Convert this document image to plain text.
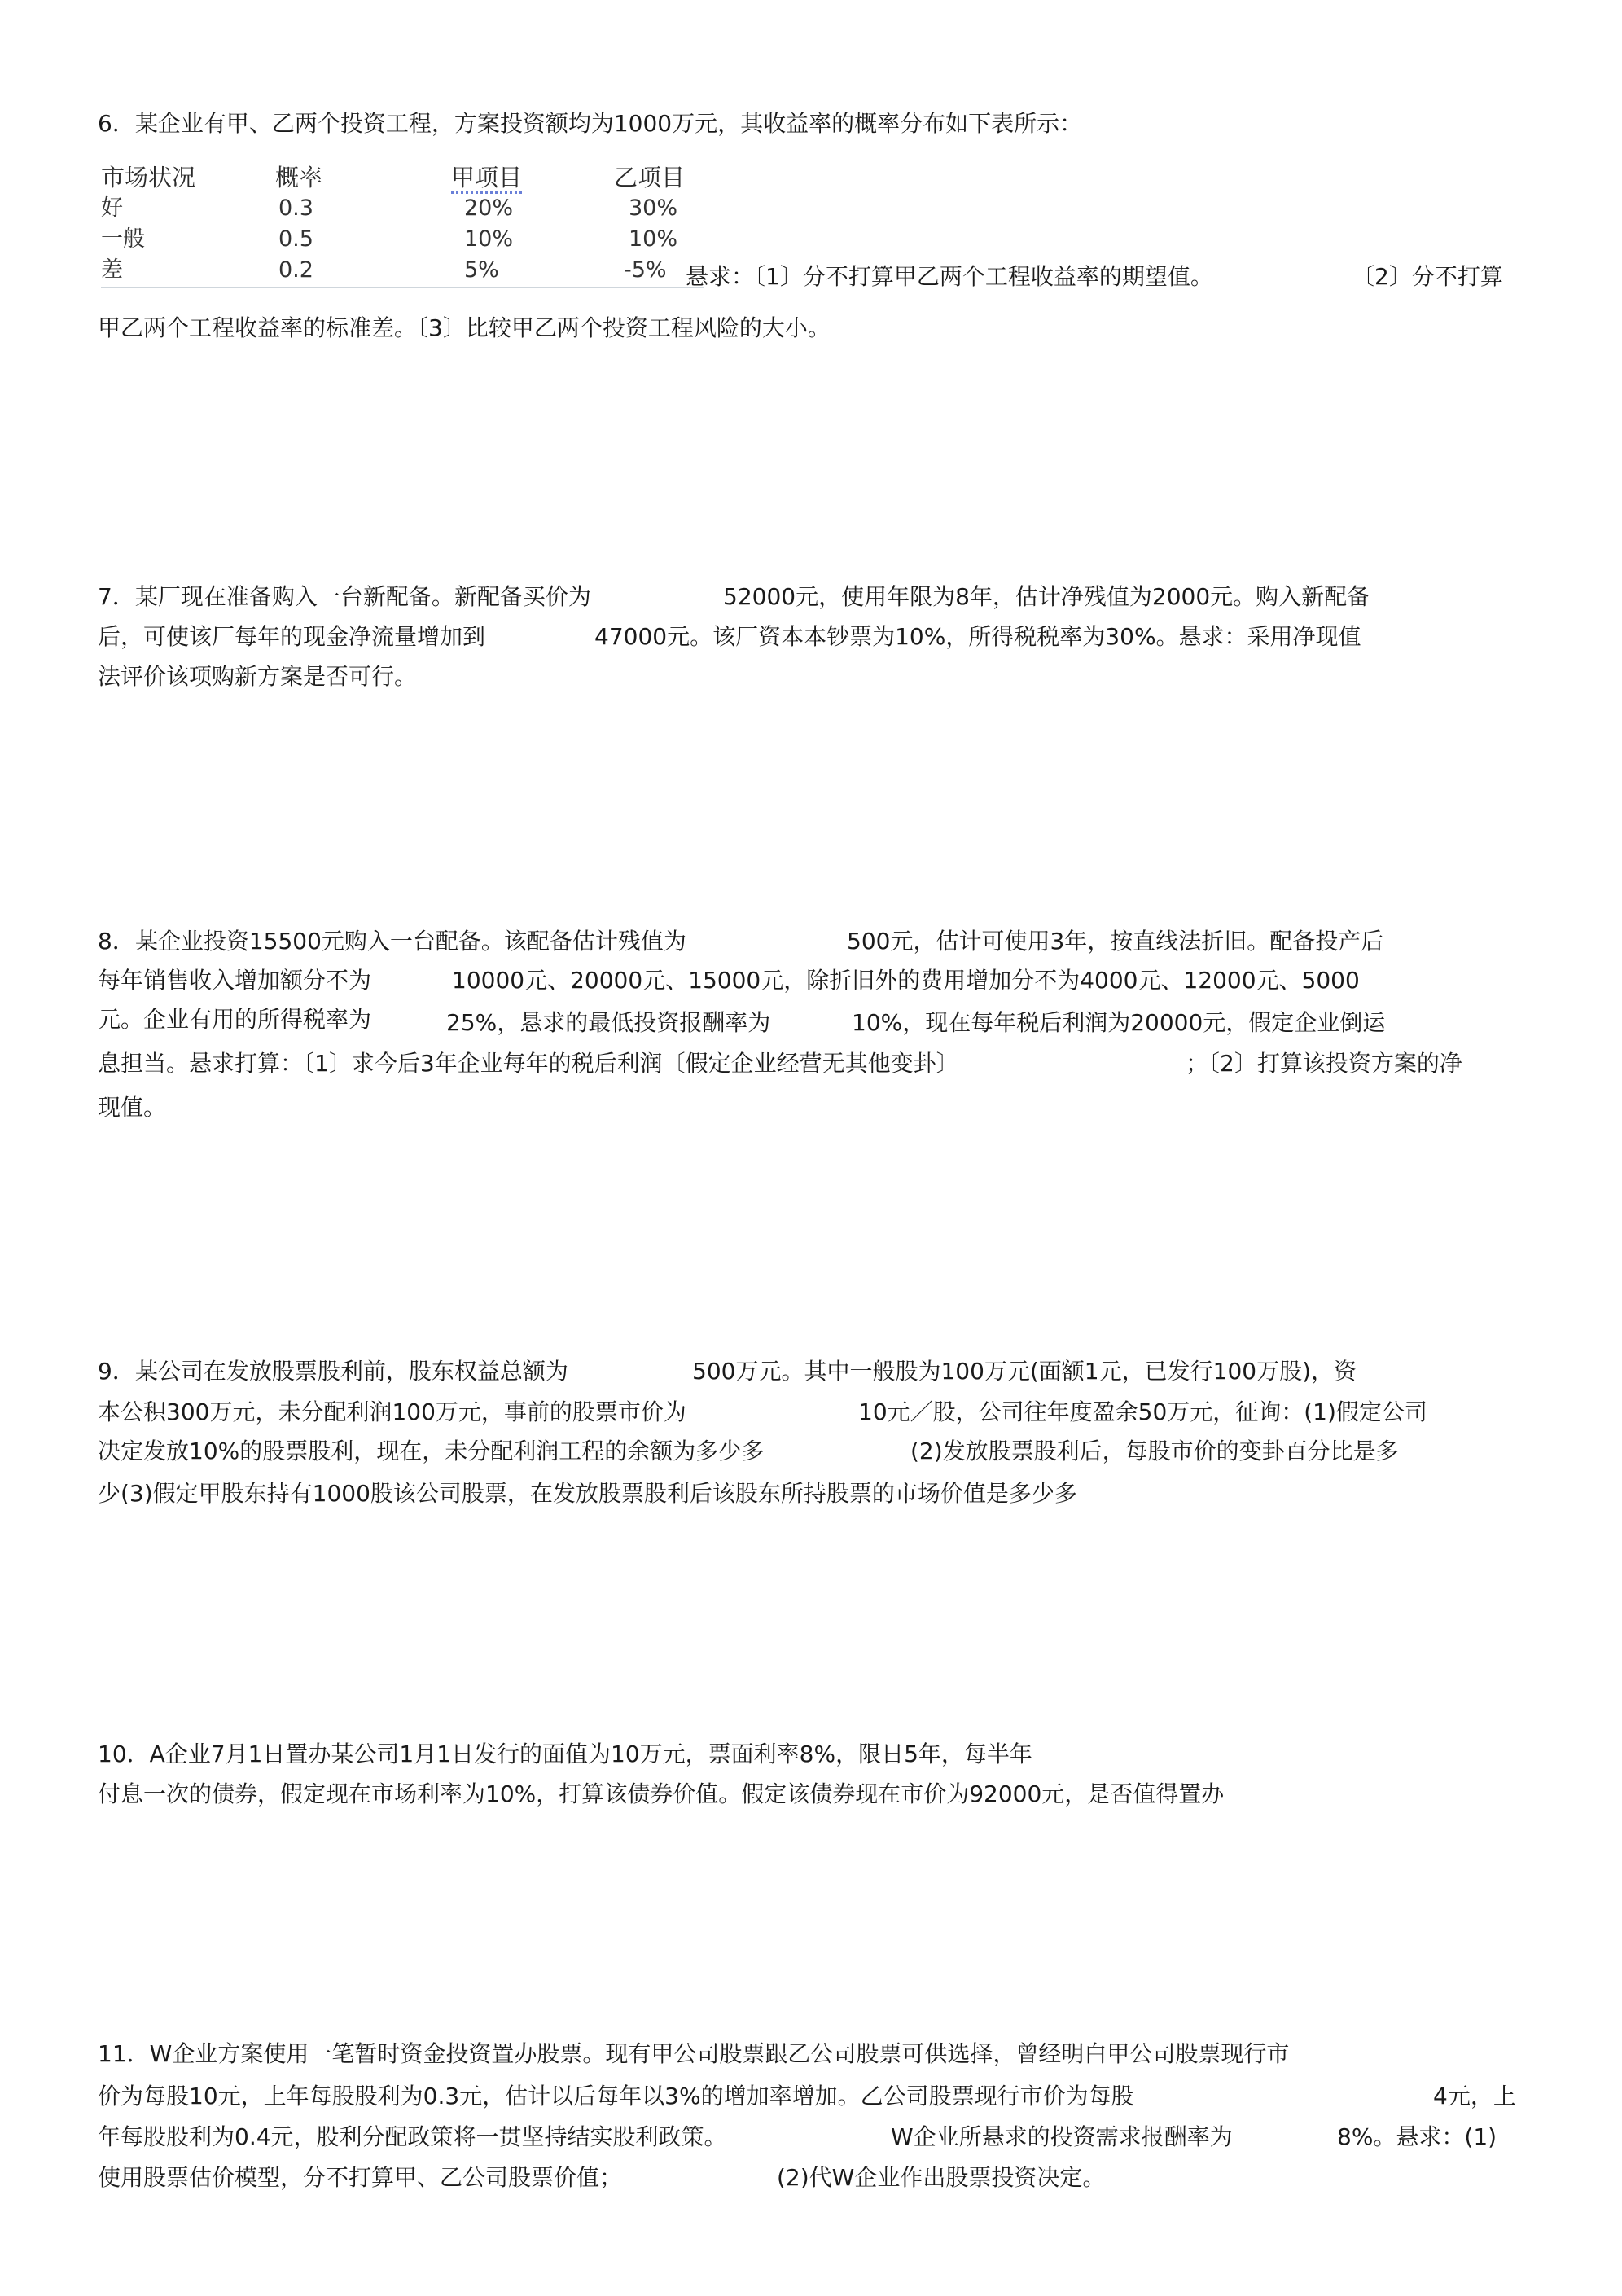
6．某企业有甲、乙两个投资工程，方案投资额均为1000万元，其收益率的概率分布如下表所示：
市场状况	概率	甲项目	乙项目
好	0.3	20%	30%
一般	0.5	10%	10%
差	0.2	5%	-5% 悬求：〔1〕分不打算甲乙两个工程收益率的期望值。	〔2〕分不打算
甲乙两个工程收益率的标准差。〔3〕比较甲乙两个投资工程风险的大小。
7．某厂现在准备购入一台新配备。新配备买价为	52000元，使用年限为8年，估计净残值为2000元。购入新配备
后，可使该厂每年的现金净流量增加到	47000元。该厂资本本钞票为10%，所得税税率为30%。悬求：采用净现值
法评价该项购新方案是否可行。
8．某企业投资15500元购入一台配备。该配备估计残值为	500元，估计可使用3年，按直线法折旧。配备投产后
每年销售收入增加额分不为	10000元、20000元、15000元，除折旧外的费用增加分不为4000元、12000元、5000
元。企业有用的所得税率为	25%，悬求的最低投资报酬率为	10%，现在每年税后利润为20000元，假定企业倒运
息担当。悬求打算：〔1〕求今后3年企业每年的税后利润〔假定企业经营无其他变卦〕	；〔2〕打算该投资方案的净
现值。
9．某公司在发放股票股利前，股东权益总额为	500万元。其中一般股为100万元(面额1元，已发行100万股)，资
本公积300万元，未分配利润100万元，事前的股票市价为	10元／股，公司往年度盈余50万元，征询：(1)假定公司
决定发放10%的股票股利，现在，未分配利润工程的余额为多少多	(2)发放股票股利后，每股市价的变卦百分比是多
少(3)假定甲股东持有1000股该公司股票，在发放股票股利后该股东所持股票的市场价值是多少多
10．A企业7月1日置办某公司1月1日发行的面值为10万元，票面利率8%，限日5年，每半年
付息一次的债券，假定现在市场利率为10%，打算该债券价值。假定该债券现在市价为92000元，是否值得置办
11．W企业方案使用一笔暂时资金投资置办股票。现有甲公司股票跟乙公司股票可供选择，曾经明白甲公司股票现行市
价为每股10元，上年每股股利为0.3元，估计以后每年以3%的增加率增加。乙公司股票现行市价为每股	4元，上
年每股股利为0.4元，股利分配政策将一贯坚持结实股利政策。	W企业所悬求的投资需求报酬率为	8%。悬求：(1)
使用股票估价模型，分不打算甲、乙公司股票价值；	(2)代W企业作出股票投资决定。
